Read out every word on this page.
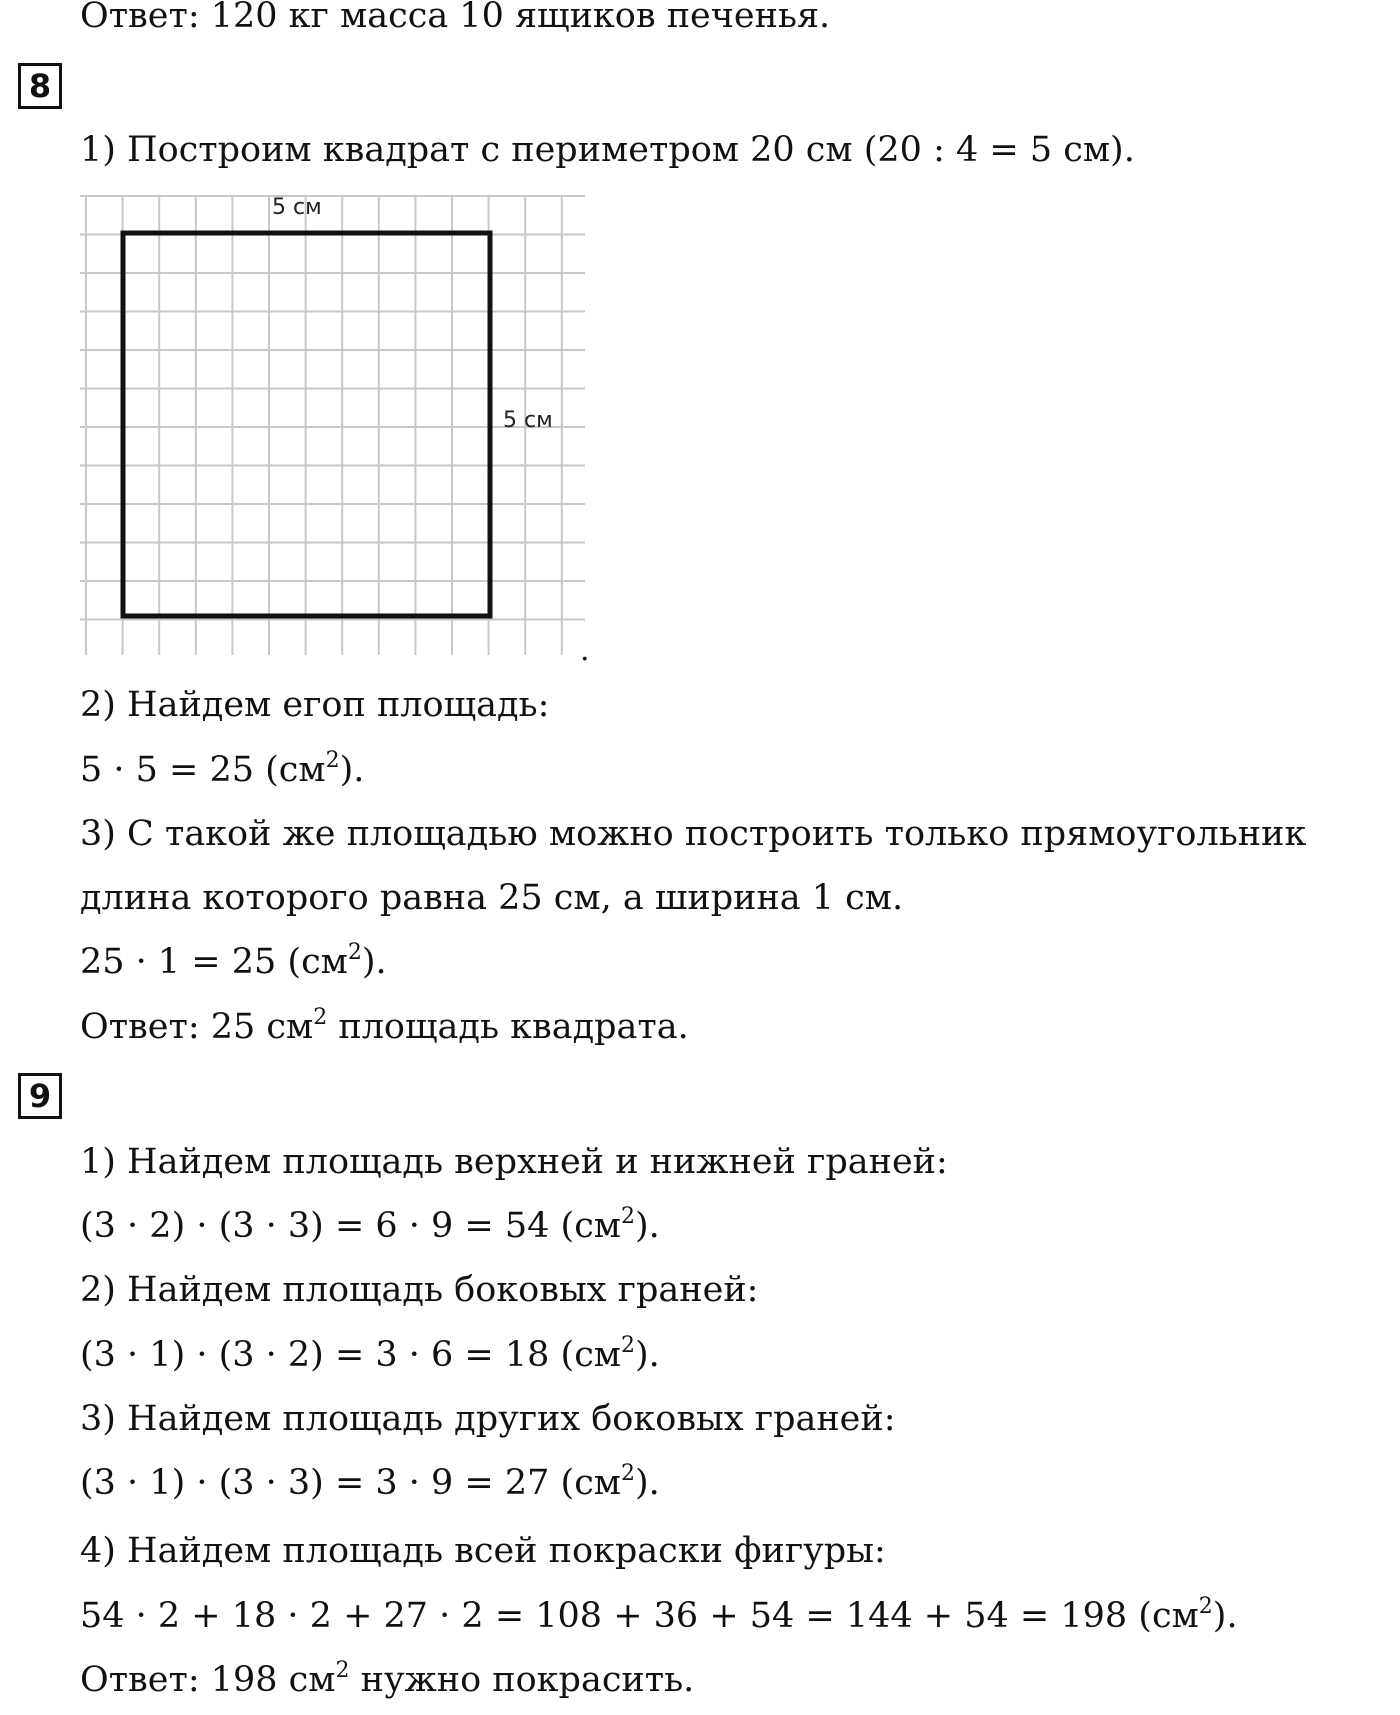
Ответ: 120 кг масса 10 ящиков печенья.
8
1) Построим квадрат с периметром 20 см (20 : 4 = 5 см).
5 см
5 см
.
2) Найдем егоп площадь:
5 · 5 = 25 $(см^2)$.
3) С такой же площадью можно построить только прямоугольник
длина которого равна 25 см, а ширина 1 см.
25 · 1 = 25 $(см^2)$.
Ответ: 25 $см^2$ площадь квадрата.
9
1) Найдем площадь верхней и нижней граней:
(3 · 2) · (3 · 3) = 6 · 9 = 54 $(см^2)$.
2) Найдем площадь боковых граней:
(3 · 1) · (3 · 2) = 3 · 6 = 18 $(см^2)$.
3) Найдем площадь других боковых граней:
(3 · 1) · (3 · 3) = 3 · 9 = 27 $(см^2)$.
4) Найдем площадь всей покраски фигуры:
54 · 2 + 18 · 2 + 27 · 2 = 108 + 36 + 54 = 144 + 54 = 198 $(см^2)$.
Ответ: 198 $см^2$ нужно покрасить.
